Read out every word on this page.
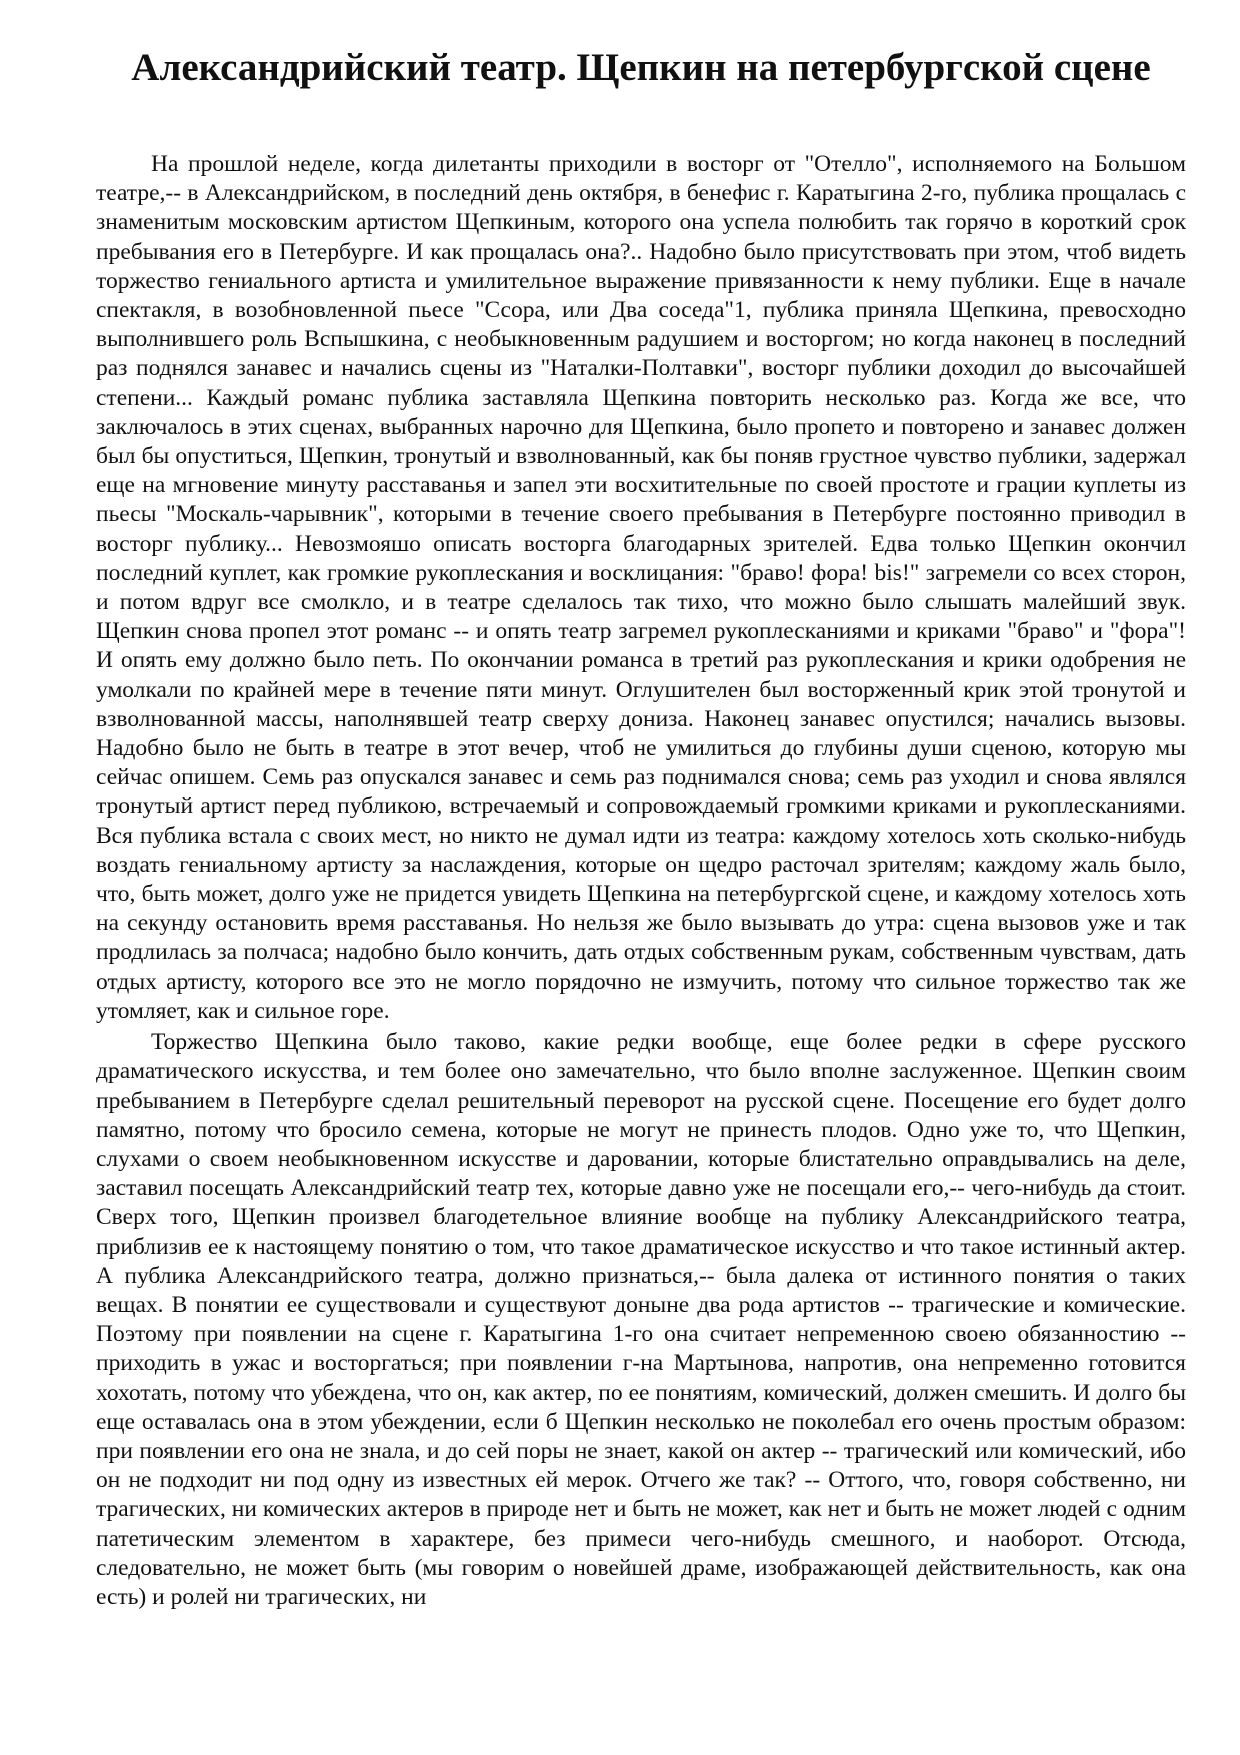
Александрийский театр. Щепкин на петербургской сцене

На прошлой неделе, когда дилетанты приходили в восторг от "Отелло", исполняемого на Большом театре,-- в Александрийском, в последний день октября, в бенефис г. Каратыгина 2-го, публика прощалась с знаменитым московским артистом Щепкиным, которого она успела полюбить так горячо в короткий срок пребывания его в Петербурге. И как прощалась она?.. Надобно было присутствовать при этом, чтоб видеть торжество гениального артиста и умилительное выражение привязанности к нему публики. Еще в начале спектакля, в возобновленной пьесе "Ссора, или Два соседа"1, публика приняла Щепкина, превосходно выполнившего роль Вспышкина, с необыкновенным радушием и восторгом; но когда наконец в последний раз поднялся занавес и начались сцены из "Наталки-Полтавки", восторг публики доходил до высочайшей степени... Каждый романс публика заставляла Щепкина повторить несколько раз. Когда же все, что заключалось в этих сценах, выбранных нарочно для Щепкина, было пропето и повторено и занавес должен был бы опуститься, Щепкин, тронутый и взволнованный, как бы поняв грустное чувство публики, задержал еще на мгновение минуту расставанья и запел эти восхитительные по своей простоте и грации куплеты из пьесы "Москаль-чарывник", которыми в течение своего пребывания в Петербурге постоянно приводил в восторг публику... Невозмояшо описать восторга благодарных зрителей. Едва только Щепкин окончил последний куплет, как громкие рукоплескания и восклицания: "браво! фора! bis!" загремели со всех сторон, и потом вдруг все смолкло, и в театре сделалось так тихо, что можно было слышать малейший звук. Щепкин снова пропел этот романс -- и опять театр загремел рукоплесканиями и криками "браво" и "фора"! И опять ему должно было петь. По окончании романса в третий раз рукоплескания и крики одобрения не умолкали по крайней мере в течение пяти минут. Оглушителен был восторженный крик этой тронутой и взволнованной массы, наполнявшей театр сверху донизa. Наконец занавес опустился; начались вызовы. Надобно было не быть в театре в этот вечер, чтоб не умилиться до глубины души сценою, которую мы сейчас опишем. Семь раз опускался занавес и семь раз поднимался снова; семь раз уходил и снова являлся тронутый артист перед публикою, встречаемый и сопровождаемый громкими криками и рукоплесканиями. Вся публика встала с своих мест, но никто не думал идти из театра: каждому хотелось хоть сколько-нибудь воздать гениальному артисту за наслаждения, которые он щедро расточал зрителям; каждому жаль было, что, быть может, долго уже не придется увидеть Щепкина на петербургской сцене, и каждому хотелось хоть на секунду остановить время расставанья. Но нельзя же было вызывать до утра: сцена вызовов уже и так продлилась за полчаса; надобно было кончить, дать отдых собственным рукам, собственным чувствам, дать отдых артисту, которого все это не могло порядочно не измучить, потому что сильное торжество так же утомляет, как и сильное горе.

Торжество Щепкина было таково, какие редки вообще, еще более редки в сфере русского драматического искусства, и тем более оно замечательно, что было вполне заслуженное. Щепкин своим пребыванием в Петербурге сделал решительный переворот на русской сцене. Посещение его будет долго памятно, потому что бросило семена, которые не могут не принесть плодов. Одно уже то, что Щепкин, слухами о своем необыкновенном искусстве и даровании, которые блистательно оправдывались на деле, заставил посещать Александрийский театр тех, которые давно уже не посещали его,-- чего-нибудь да стоит. Сверх того, Щепкин произвел благодетельное влияние вообще на публику Александрийского театра, приблизив ее к настоящему понятию о том, что такое драматическое искусство и что такое истинный актер. А публика Александрийского театра, должно признаться,-- была далека от истинного понятия о таких вещах. В понятии ее существовали и существуют доныне два рода артистов -- трагические и комические. Поэтому при появлении на сцене г. Каратыгина 1-го она считает непременною своею обязанностию -- приходить в ужас и восторгаться; при появлении г-на Мартынова, напротив, она непременно готовится хохотать, потому что убеждена, что он, как актер, по ее понятиям, комический, должен смешить. И долго бы еще оставалась она в этом убеждении, если б Щепкин несколько не поколебал его очень простым образом: при появлении его она не знала, и до сей поры не знает, какой он актер -- трагический или комический, ибо он не подходит ни под одну из известных ей мерок. Отчего же так? -- Оттого, что, говоря собственно, ни трагических, ни комических актеров в природе нет и быть не может, как нет и быть не может людей с одним патетическим элементом в характере, без примеси чего-нибудь смешного, и наоборот. Отсюда, следовательно, не может быть (мы говорим о новейшей драме, изображающей действительность, как она есть) и ролей ни трагических, ни
